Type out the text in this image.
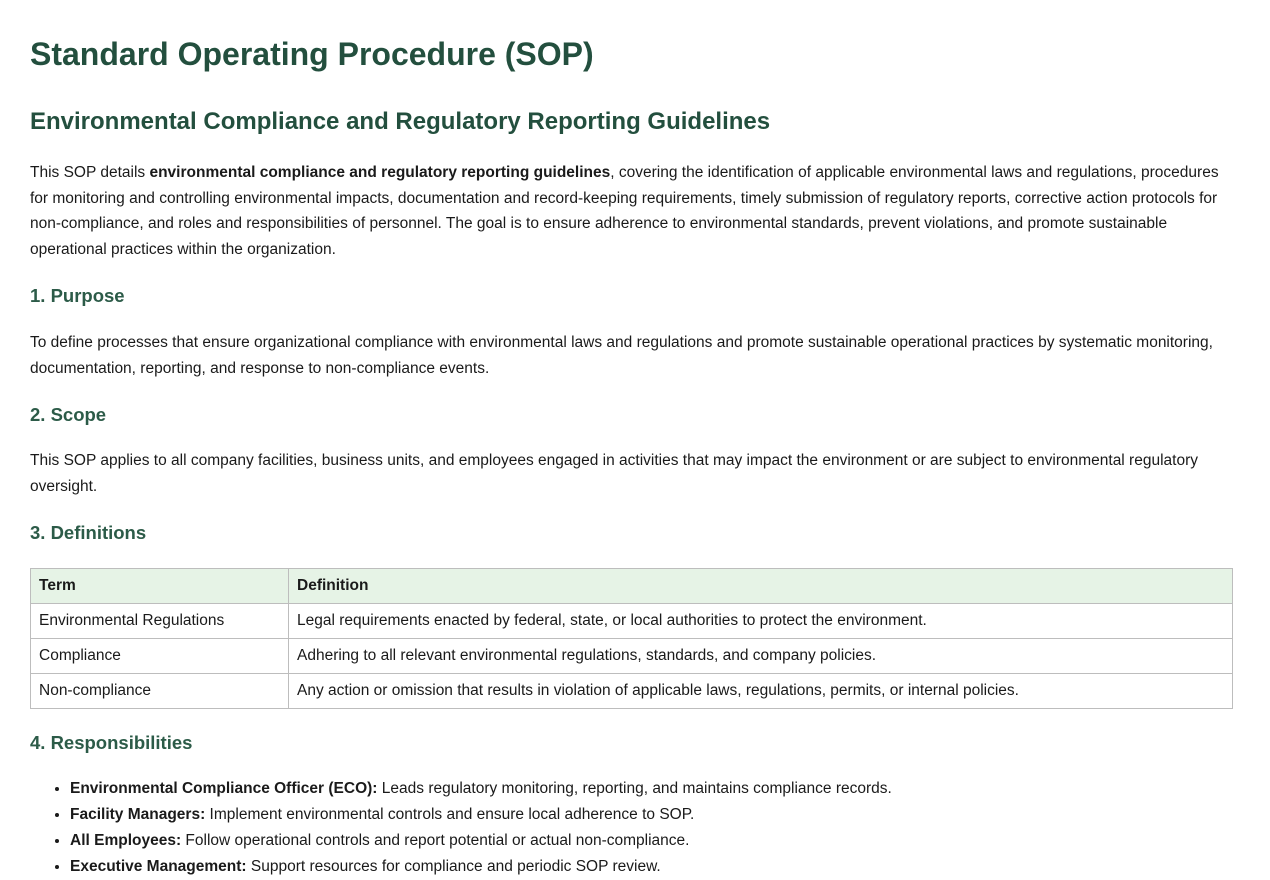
Standard Operating Procedure (SOP)
Environmental Compliance and Regulatory Reporting Guidelines

This SOP details environmental compliance and regulatory reporting guidelines, covering the identification of applicable environmental laws and regulations, procedures for monitoring and controlling environmental impacts, documentation and record-keeping requirements, timely submission of regulatory reports, corrective action protocols for non-compliance, and roles and responsibilities of personnel. The goal is to ensure adherence to environmental standards, prevent violations, and promote sustainable operational practices within the organization.

1. Purpose

To define processes that ensure organizational compliance with environmental laws and regulations and promote sustainable operational practices by systematic monitoring, documentation, reporting, and response to non-compliance events.

2. Scope

This SOP applies to all company facilities, business units, and employees engaged in activities that may impact the environment or are subject to environmental regulatory oversight.

3. Definitions
Term	Definition
Environmental Regulations	Legal requirements enacted by federal, state, or local authorities to protect the environment.
Compliance	Adhering to all relevant environmental regulations, standards, and company policies.
Non-compliance	Any action or omission that results in violation of applicable laws, regulations, permits, or internal policies.
4. Responsibilities
• Environmental Compliance Officer (ECO): Leads regulatory monitoring, reporting, and maintains compliance records.
• Facility Managers: Implement environmental controls and ensure local adherence to SOP.
• All Employees: Follow operational controls and report potential or actual non-compliance.
• Executive Management: Support resources for compliance and periodic SOP review.
